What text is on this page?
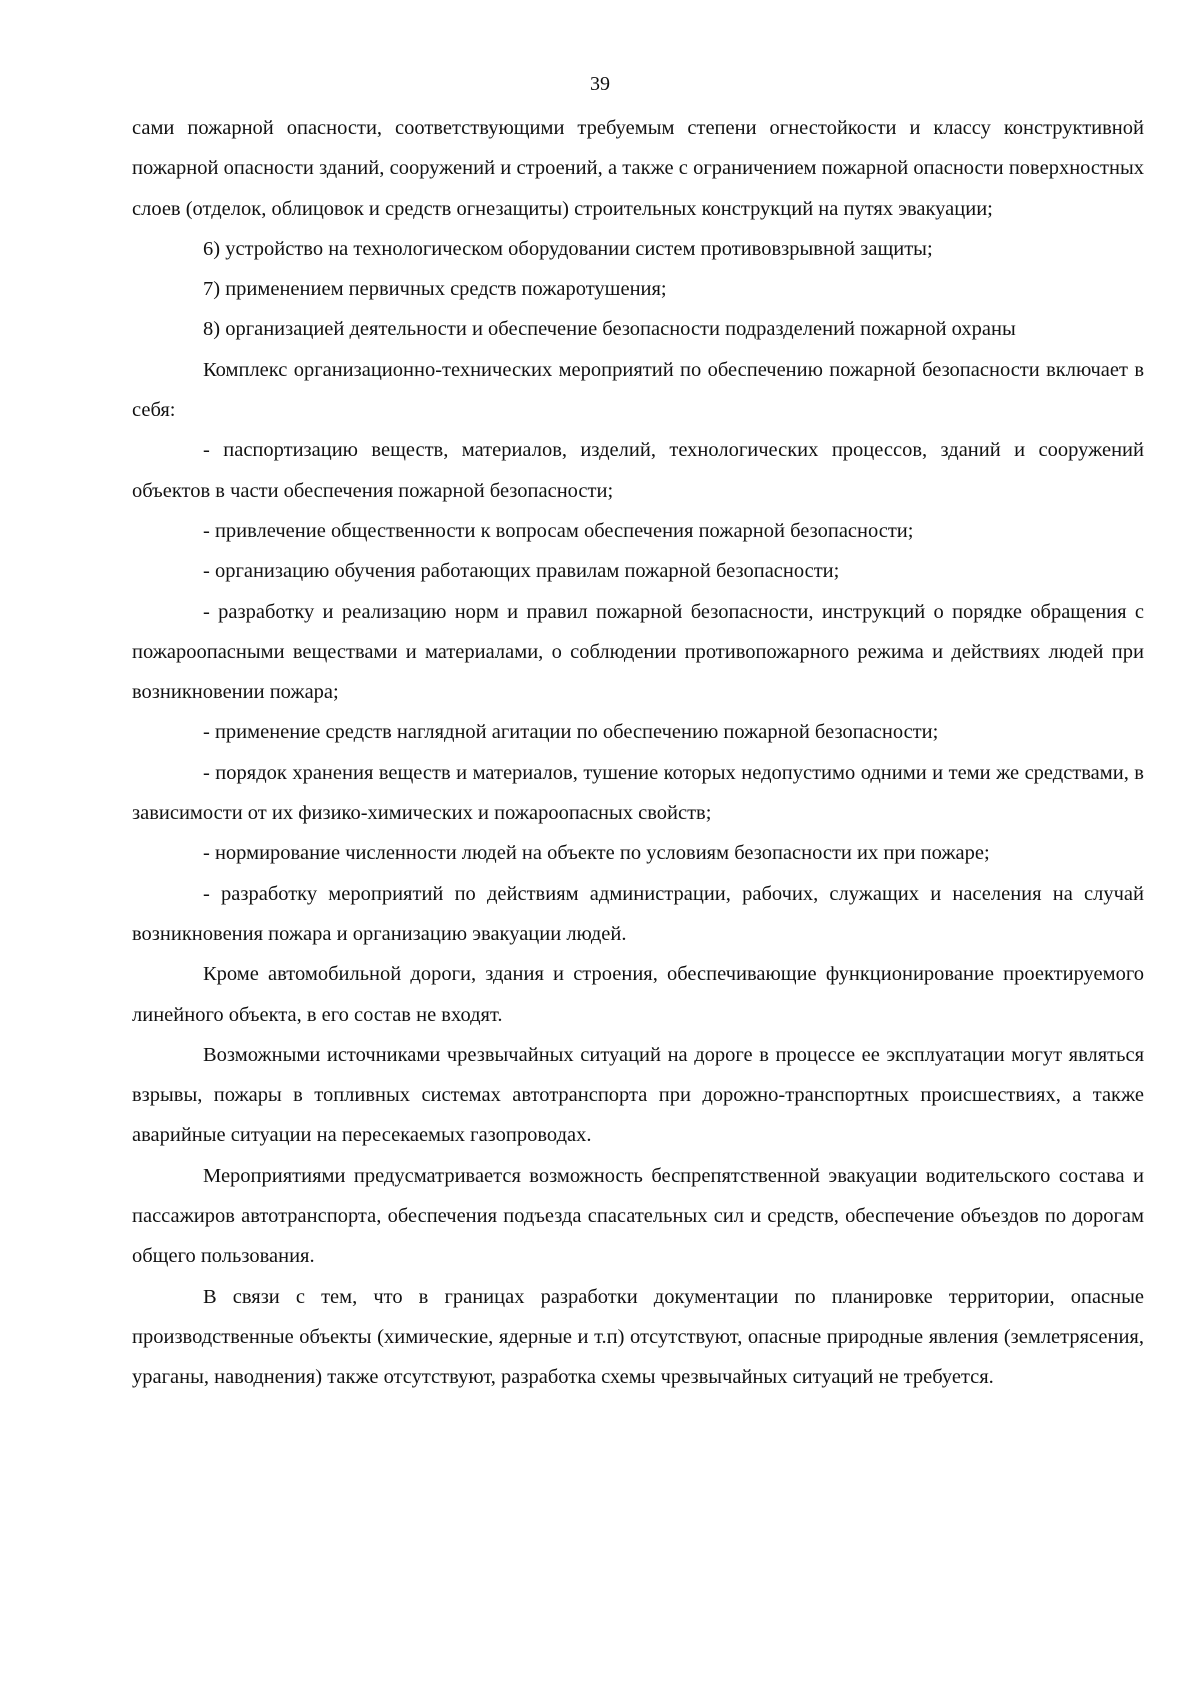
39

сами пожарной опасности, соответствующими требуемым степени огнестойкости и классу конструктивной пожарной опасности зданий, сооружений и строений, а также с ограничением пожарной опасности поверхностных слоев (отделок, облицовок и средств огнезащиты) строительных конструкций на путях эвакуации;

6) устройство на технологическом оборудовании систем противовзрывной защиты;

7) применением первичных средств пожаротушения;

8) организацией деятельности и обеспечение безопасности подразделений пожарной охраны

Комплекс организационно-технических мероприятий по обеспечению пожарной безопасности включает в себя:

- паспортизацию веществ, материалов, изделий, технологических процессов, зданий и сооружений объектов в части обеспечения пожарной безопасности;

- привлечение общественности к вопросам обеспечения пожарной безопасности;

- организацию обучения работающих правилам пожарной безопасности;

- разработку и реализацию норм и правил пожарной безопасности, инструкций о порядке обращения с пожароопасными веществами и материалами, о соблюдении противопожарного режима и действиях людей при возникновении пожара;

- применение средств наглядной агитации по обеспечению пожарной безопасности;

- порядок хранения веществ и материалов, тушение которых недопустимо одними и теми же средствами, в зависимости от их физико-химических и пожароопасных свойств;

- нормирование численности людей на объекте по условиям безопасности их при пожаре;

- разработку мероприятий по действиям администрации, рабочих, служащих и населения на случай возникновения пожара и организацию эвакуации людей.

Кроме автомобильной дороги, здания и строения, обеспечивающие функционирование проектируемого линейного объекта, в его состав не входят.

Возможными источниками чрезвычайных ситуаций на дороге в процессе ее эксплуатации могут являться взрывы, пожары в топливных системах автотранспорта при дорожно-транспортных происшествиях, а также аварийные ситуации на пересекаемых газопроводах.

Мероприятиями предусматривается возможность беспрепятственной эвакуации водительского состава и пассажиров автотранспорта, обеспечения подъезда спасательных сил и средств, обеспечение объездов по дорогам общего пользования.

В связи с тем, что в границах разработки документации по планировке территории, опасные производственные объекты (химические, ядерные и т.п) отсутствуют, опасные природные явления (землетрясения, ураганы, наводнения) также отсутствуют, разработка схемы чрезвычайных ситуаций не требуется.
